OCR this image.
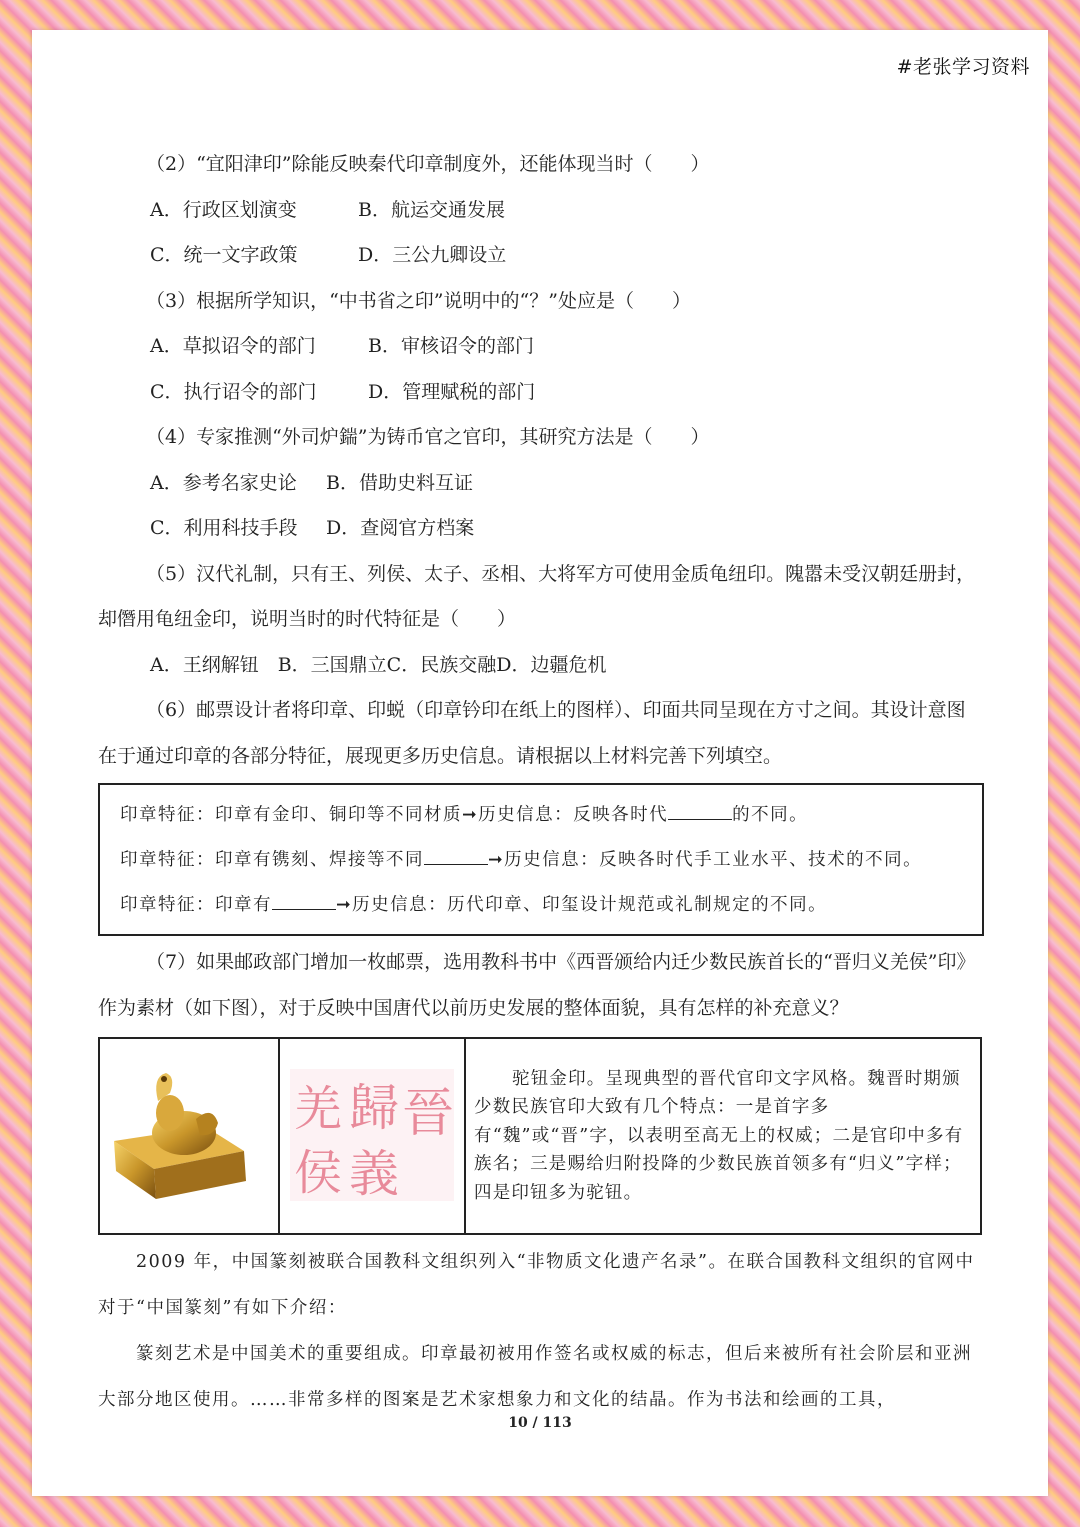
#老张学习资料
（2）“宜阳津印”除能反映秦代印章制度外，还能体现当时（　　）
A．行政区划演变	B．航运交通发展
C．统一文字政策	D．三公九卿设立
（3）根据所学知识，“中书省之印”说明中的“？”处应是（　　）
A．草拟诏令的部门	B．审核诏令的部门
C．执行诏令的部门	D．管理赋税的部门
（4）专家推测“外司炉鍴”为铸币官之官印，其研究方法是（　　）
A．参考名家史论 B．借助史料互证
C．利用科技手段 D．查阅官方档案
（5）汉代礼制，只有王、列侯、太子、丞相、大将军方可使用金质龟纽印。隗嚣未受汉朝廷册封，
却僭用龟纽金印，说明当时的时代特征是（　　）
A．王纲解钮　B．三国鼎立C．民族交融D．边疆危机
（6）邮票设计者将印章、印蜕（印章钤印在纸上的图样）、印面共同呈现在方寸之间。其设计意图
在于通过印章的各部分特征，展现更多历史信息。请根据以上材料完善下列填空。
印章特征：印章有金印、铜印等不同材质➞历史信息：反映各时代	的不同。
印章特征：印章有镌刻、焊接等不同	➞历史信息：反映各时代手工业水平、技术的不同。
印章特征：印章有	➞历史信息：历代印章、印玺设计规范或礼制规定的不同。
（7）如果邮政部门增加一枚邮票，选用教科书中《西晋颁给内迁少数民族首长的“晋归义羌侯”印》
作为素材（如下图），对于反映中国唐代以前历史发展的整体面貌，具有怎样的补充意义？

晉
歸
義
羌
侯
	驼钮金印。呈现典型的晋代官印文字风格。魏晋时期颁少数民族官印大致有几个特点：一是首字多有“魏”或“晋”字，以表明至高无上的权威；二是官印中多有族名；三是赐给归附投降的少数民族首领多有“归义”字样；四是印钮多为驼钮。
2009 年，中国篆刻被联合国教科文组织列入“非物质文化遗产名录”。在联合国教科文组织的官网中对于“中国篆刻”有如下介绍：
篆刻艺术是中国美术的重要组成。印章最初被用作签名或权威的标志，但后来被所有社会阶层和亚洲大部分地区使用。……非常多样的图案是艺术家想象力和文化的结晶。作为书法和绘画的工具，
10 / 113
